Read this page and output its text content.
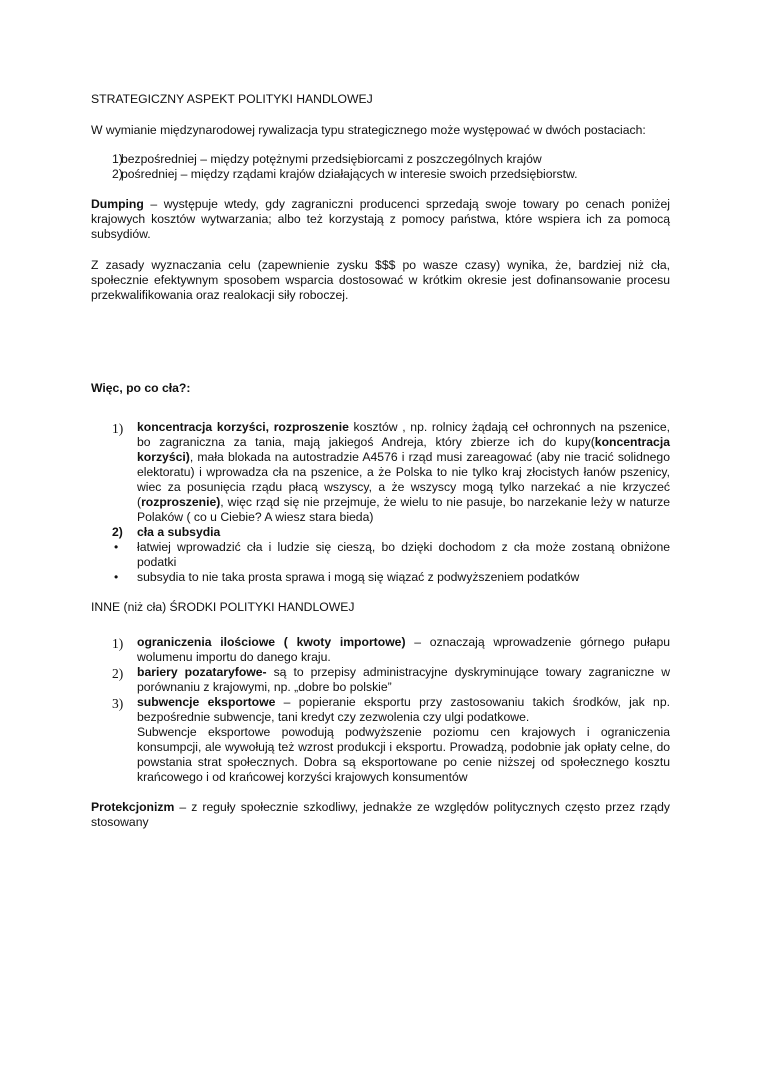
STRATEGICZNY ASPEKT POLITYKI HANDLOWEJ

W wymianie międzynarodowej rywalizacja typu strategicznego może występować w dwóch postaciach:

1)
bezpośredniej – między potężnymi przedsiębiorcami z poszczególnych krajów
2)
pośredniej – między rządami krajów działających w interesie swoich przedsiębiorstw.

Dumping – występuje wtedy, gdy zagraniczni producenci sprzedają swoje towary po cenach poniżej krajowych kosztów wytwarzania; albo też korzystają z pomocy państwa, które wspiera ich za pomocą subsydiów.

Z zasady wyznaczania celu (zapewnienie zysku $$$ po wasze czasy) wynika, że, bardziej niż cła, społecznie efektywnym sposobem wsparcia dostosować w krótkim okresie jest dofinansowanie procesu przekwalifikowania oraz realokacji siły roboczej.

Więc, po co cła?:

1) koncentracja korzyści, rozproszenie kosztów , np. rolnicy żądają ceł ochronnych na pszenice, bo zagraniczna za tania, mają jakiegoś Andreja, który zbierze ich do kupy(koncentracja korzyści), mała blokada na autostradzie A4576 i rząd musi zareagować (aby nie tracić solidnego elektoratu) i wprowadza cła na pszenice, a że Polska to nie tylko kraj złocistych łanów pszenicy, wiec za posunięcia rządu płacą wszyscy, a że wszyscy mogą tylko narzekać a nie krzyczeć (rozproszenie), więc rząd się nie przejmuje, że wielu to nie pasuje, bo narzekanie leży w naturze Polaków ( co u Ciebie? A wiesz stara bieda)
2) cła a subsydia
• łatwiej wprowadzić cła i ludzie się cieszą, bo dzięki dochodom z cła może zostaną obniżone podatki
• subsydia to nie taka prosta sprawa i mogą się wiązać z podwyższeniem podatków

INNE (niż cła) ŚRODKI POLITYKI HANDLOWEJ

1) ograniczenia ilościowe ( kwoty importowe) – oznaczają wprowadzenie górnego pułapu wolumenu importu do danego kraju.
2) bariery pozataryfowe- są to przepisy administracyjne dyskryminujące towary zagraniczne w porównaniu z krajowymi, np. „dobre bo polskie”
3) subwencje eksportowe – popieranie eksportu przy zastosowaniu takich środków, jak np. bezpośrednie subwencje, tani kredyt czy zezwolenia czy ulgi podatkowe.
Subwencje eksportowe powodują podwyższenie poziomu cen krajowych i ograniczenia konsumpcji, ale wywołują też wzrost produkcji i eksportu. Prowadzą, podobnie jak opłaty celne, do powstania strat społecznych. Dobra są eksportowane po cenie niższej od społecznego kosztu krańcowego i od krańcowej korzyści krajowych konsumentów

Protekcjonizm – z reguły społecznie szkodliwy, jednakże ze względów politycznych często przez rządy stosowany
